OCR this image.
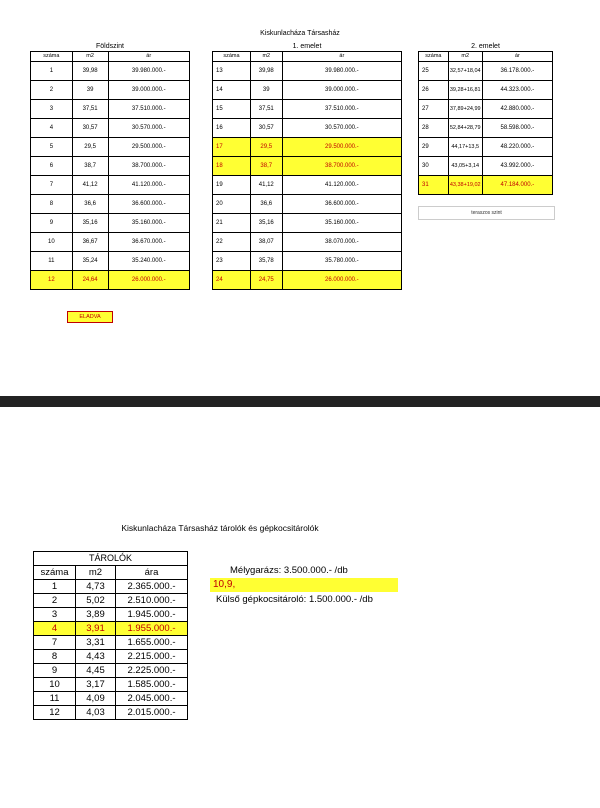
Kiskunlacháza Társasház
Földszint
száma	m2	ár
1	39,98	39.980.000.-
2	39	39.000.000.-
3	37,51	37.510.000.-
4	30,57	30.570.000.-
5	29,5	29.500.000.-
6	38,7	38.700.000.-
7	41,12	41.120.000.-
8	36,6	36.600.000.-
9	35,16	35.160.000.-
10	36,67	36.670.000.-
11	35,24	35.240.000.-
12	24,64	26.000.000.-
ELADVA
1. emelet
száma	m2	ár
13	39,98	39.980.000.-
14	39	39.000.000.-
15	37,51	37.510.000.-
16	30,57	30.570.000.-
17	29,5	29.500.000.-
18	38,7	38.700.000.-
19	41,12	41.120.000.-
20	36,6	36.600.000.-
21	35,16	35.160.000.-
22	38,07	38.070.000.-
23	35,78	35.780.000.-
24	24,75	26.000.000.-
2. emelet
száma	m2	ár
25	32,57+18,04	36.178.000.-
26	39,28+16,81	44.323.000.-
27	37,89+24,99	42.880.000.-
28	52,84+28,79	58.598.000.-
29	44,17+13,5	48.220.000.-
30	43,05+3,14	43.992.000.-
31	43,38+19,02	47.184.000.-
teraszos szint
Kiskunlacháza Társasház tárolók és gépkocsitárolók
TÁROLÓK		
száma	m2	ára
1	4,73	2.365.000.-
2	5,02	2.510.000.-
3	3,89	1.945.000.-
4	3,91	1.955.000.-
7	3,31	1.655.000.-
8	4,43	2.215.000.-
9	4,45	2.225.000.-
10	3,17	1.585.000.-
11	4,09	2.045.000.-
12	4,03	2.015.000.-
Mélygarázs: 3.500.000.- /db
10,9,
Külső gépkocsitároló: 1.500.000.- /db
